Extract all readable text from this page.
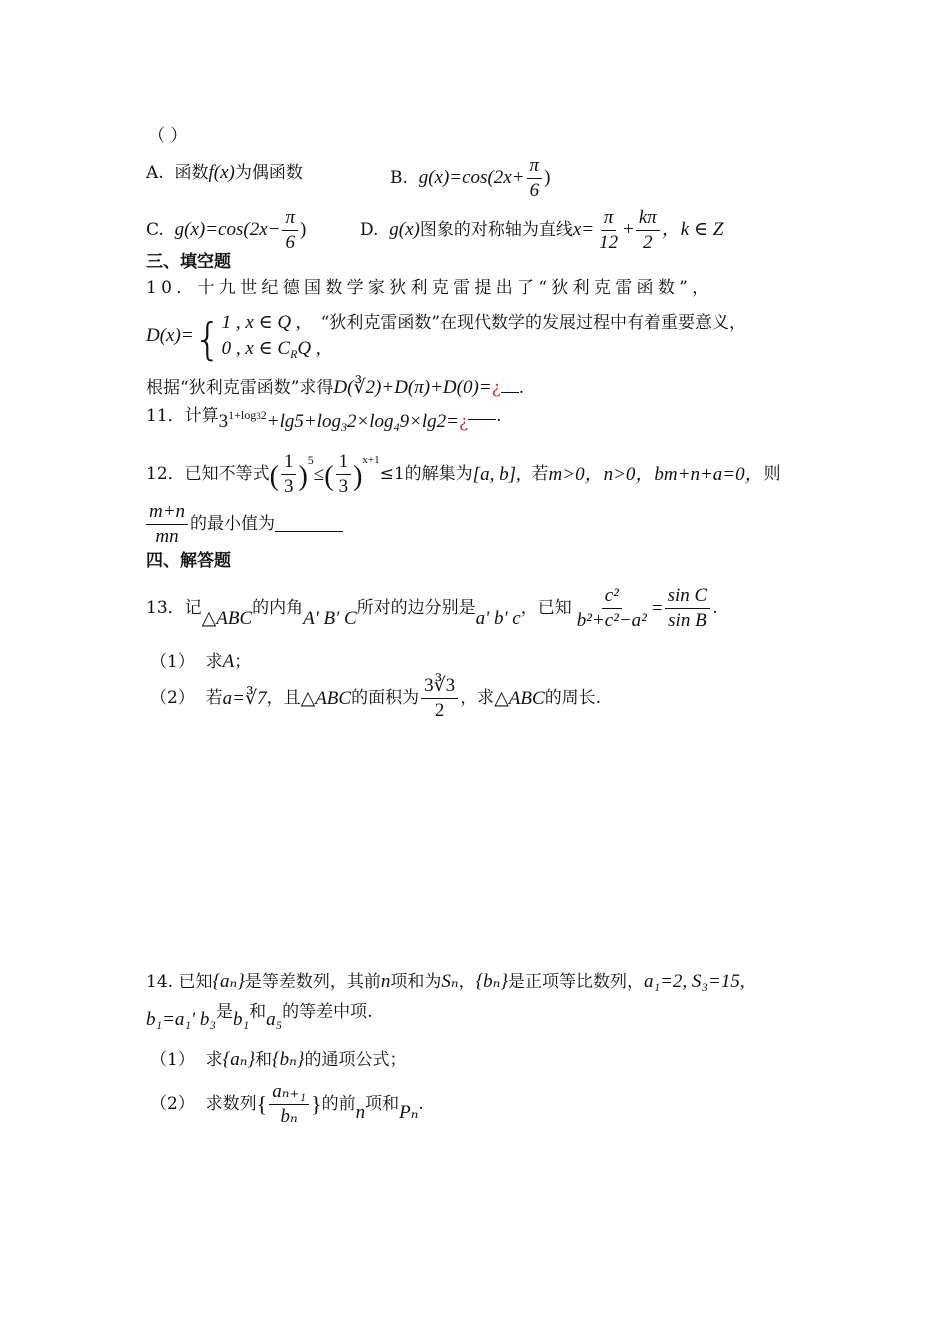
（ ）
A. 函数f(x)为偶函数	B. $g(x)=\cos(2x+ \frac{\pi}{6}$ )
C. $g(x)=\cos(2x- \frac{\pi}{6}$ )	D. g(x)图象的对称轴为直线$x= \frac{\pi}{12} + \frac{k\pi}{2}$ ，k ∈ Z
三、填空题
10．十九世纪德国数学家狄利克雷提出了“狄利克雷函数”，
D(x)={ 1 , x ∈ Q ,
0 , x ∈ $C_RQ$ ,
“狄利克雷函数”在现代数学的发展过程中有着重要意义，
根据“狄利克雷函数”求得D(∛2)+D(π)+D(0)=¿ .
11．计算$31+\log 32+\lg 5+\log_32\times\log_49\times\lg 2=¿$ .
12．已知不等式( $\frac{1}{3} )^5\le( \frac{1}{3} )^{x+1}\le 1$的解集为[a, b], 若m>0，n>0，bm+n+a=0，则
$\frac{m+n}{mn}$ 的最小值为
四、解答题
13．记△ABC的内角A' B' C所对的边分别是a' b' c，已知 $\frac{\text{c²}}{\text{b²+c²−a²}} = \frac{\text{sin C}}{\text{sin B}}$ .
（1） 求A；
（2） 若a=∛7，且△ABC的面积为 $\frac{3∛3}{2}$ ，求△ABC的周长.
14. 已知{aₙ}是等差数列，其前n项和为Sₙ，{bₙ}是正项等比数列，a₁=2, S₃=15,
b₁=a₁' b₃是b₁和a₅的等差中项.
（1） 求{aₙ}和{bₙ}的通项公式；
（2） 求数列{ $\frac{\text{aₙ₊₁}}{\text{bₙ}}$ }的前n项和Pₙ.
